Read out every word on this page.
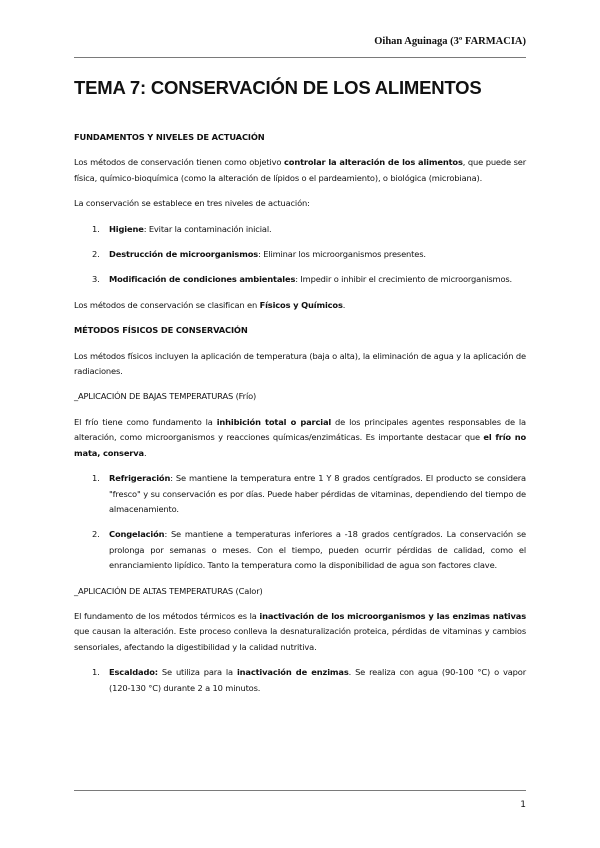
Oihan Aguinaga (3º FARMACIA)
TEMA 7: CONSERVACIÓN DE LOS ALIMENTOS
FUNDAMENTOS Y NIVELES DE ACTUACIÓN

Los métodos de conservación tienen como objetivo controlar la alteración de los alimentos, que puede ser física, químico-bioquímica (como la alteración de lípidos o el pardeamiento), o biológica (microbiana).

La conservación se establece en tres niveles de actuación:

1. Higiene: Evitar la contaminación inicial.
2. Destrucción de microorganismos: Eliminar los microorganismos presentes.
3. Modificación de condiciones ambientales: Impedir o inhibir el crecimiento de microorganismos.

Los métodos de conservación se clasifican en Físicos y Químicos.

MÉTODOS FÍSICOS DE CONSERVACIÓN

Los métodos físicos incluyen la aplicación de temperatura (baja o alta), la eliminación de agua y la aplicación de radiaciones.

_APLICACIÓN DE BAJAS TEMPERATURAS (Frío)

El frío tiene como fundamento la inhibición total o parcial de los principales agentes responsables de la alteración, como microorganismos y reacciones químicas/enzimáticas. Es importante destacar que el frío no mata, conserva.

1. Refrigeración: Se mantiene la temperatura entre 1 Y 8 grados centígrados. El producto se considera "fresco" y su conservación es por días. Puede haber pérdidas de vitaminas, dependiendo del tiempo de almacenamiento.
2. Congelación: Se mantiene a temperaturas inferiores a -18 grados centígrados. La conservación se prolonga por semanas o meses. Con el tiempo, pueden ocurrir pérdidas de calidad, como el enranciamiento lipídico. Tanto la temperatura como la disponibilidad de agua son factores clave.

_APLICACIÓN DE ALTAS TEMPERATURAS (Calor)

El fundamento de los métodos térmicos es la inactivación de los microorganismos y las enzimas nativas que causan la alteración. Este proceso conlleva la desnaturalización proteica, pérdidas de vitaminas y cambios sensoriales, afectando la digestibilidad y la calidad nutritiva.

1. Escaldado: Se utiliza para la inactivación de enzimas. Se realiza con agua (90-100 °C) o vapor (120-130 °C) durante 2 a 10 minutos.
1
